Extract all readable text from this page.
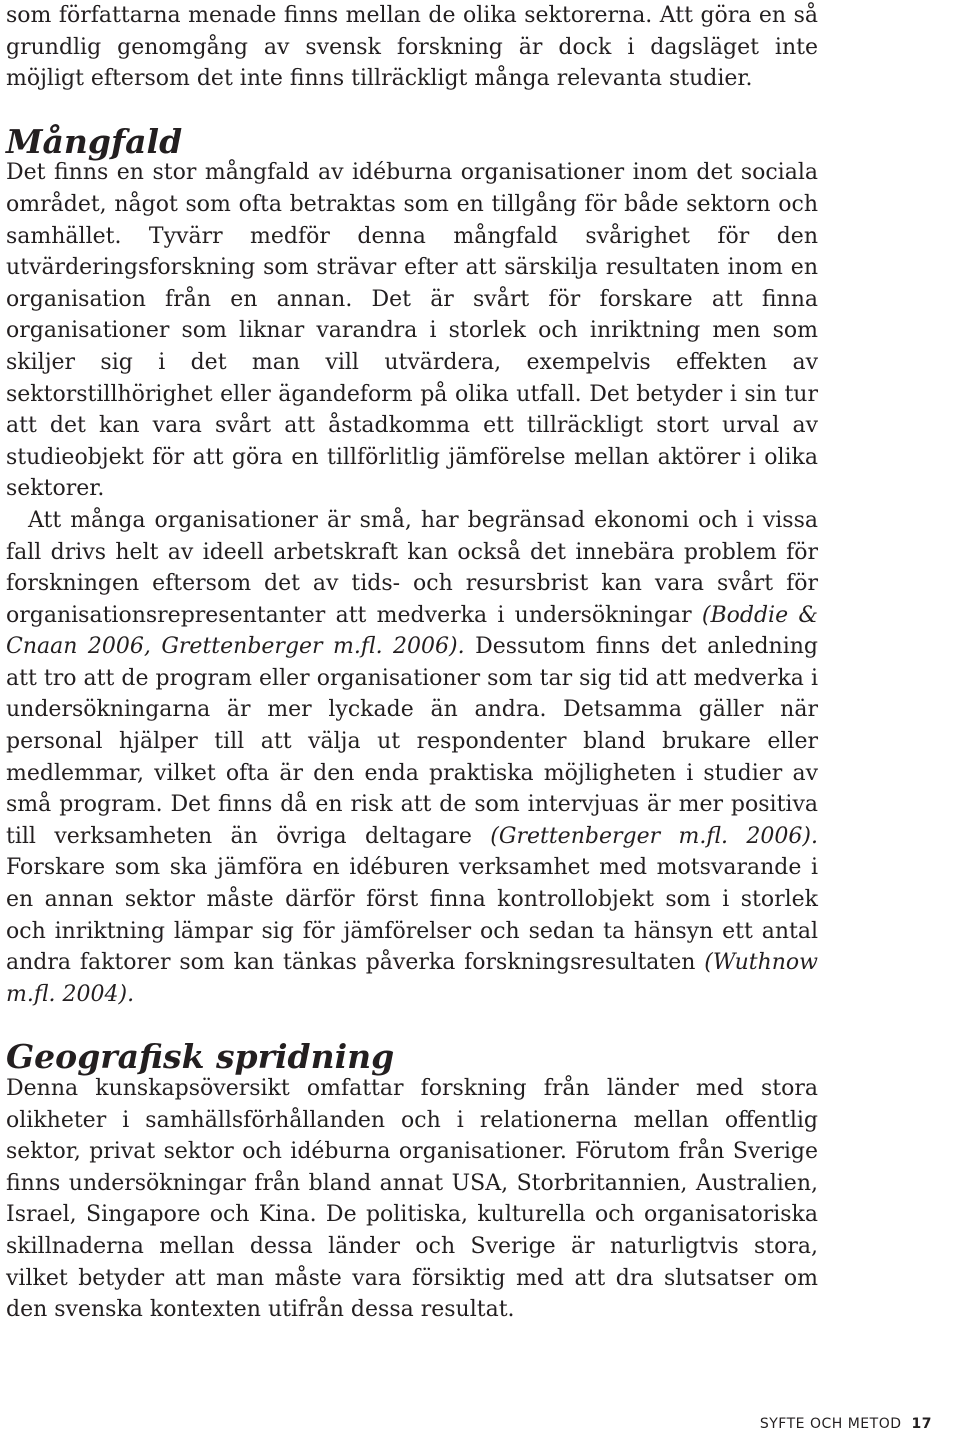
som författarna menade finns mellan de olika sektorerna. Att göra en så grundlig genomgång av svensk forskning är dock i dagsläget inte möjligt eftersom det inte finns tillräckligt många relevanta studier.

Mångfald

Det finns en stor mångfald av idéburna organisationer inom det sociala området, något som ofta betraktas som en tillgång för både sektorn och samhället. Tyvärr medför denna mångfald svårighet för den utvärderingsforskning som strävar efter att särskilja resultaten inom en organisation från en annan. Det är svårt för forskare att finna organisationer som liknar varandra i storlek och inriktning men som skiljer sig i det man vill utvärdera, exempelvis effekten av sektorstillhörighet eller ägandeform på olika utfall. Det betyder i sin tur att det kan vara svårt att åstadkomma ett tillräckligt stort urval av studieobjekt för att göra en tillförlitlig jämförelse mellan aktörer i olika sektorer.

Att många organisationer är små, har begränsad ekonomi och i vissa fall drivs helt av ideell arbetskraft kan också det innebära problem för forskningen eftersom det av tids- och resursbrist kan vara svårt för organisationsrepresentanter att medverka i undersökningar (Boddie & Cnaan 2006, Grettenberger m.fl. 2006). Dessutom finns det anledning att tro att de program eller organisationer som tar sig tid att medverka i undersökningarna är mer lyckade än andra. Detsamma gäller när personal hjälper till att välja ut respondenter bland brukare eller medlemmar, vilket ofta är den enda praktiska möjligheten i studier av små program. Det finns då en risk att de som intervjuas är mer positiva till verksamheten än övriga deltagare (Grettenberger m.fl. 2006). Forskare som ska jämföra en idéburen verksamhet med motsvarande i en annan sektor måste därför först finna kontrollobjekt som i storlek och inriktning lämpar sig för jämförelser och sedan ta hänsyn ett antal andra faktorer som kan tänkas påverka forskningsresultaten (Wuthnow m.fl. 2004).

Geografisk spridning

Denna kunskapsöversikt omfattar forskning från länder med stora olikheter i samhällsförhållanden och i relationerna mellan offentlig sektor, privat sektor och idéburna organisationer. Förutom från Sverige finns undersökningar från bland annat USA, Storbritannien, Australien, Israel, Singapore och Kina. De politiska, kulturella och organisatoriska skillnaderna mellan dessa länder och Sverige är naturligtvis stora, vilket betyder att man måste vara försiktig med att dra slutsatser om den svenska kontexten utifrån dessa resultat.

SYFTE OCH METOD 17
